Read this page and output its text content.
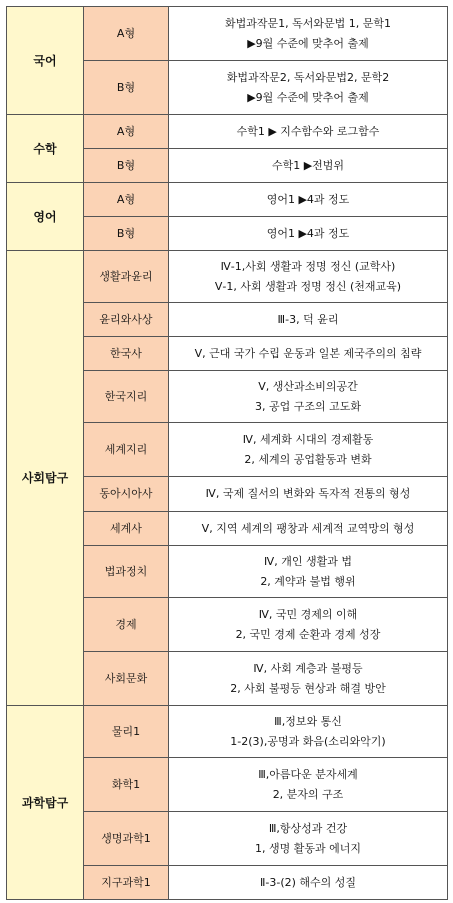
국어	A형	화법과작문1, 독서와문법 1, 문학1
▶9월 수준에 맞추어 출제

	B형	화법과작문2, 독서와문법2, 문학2
▶9월 수준에 맞추어 출제

수학	A형	수학1 ▶ 지수함수와 로그함수

	B형	수학1 ▶전범위

영어	A형	영어1 ▶4과 정도

	B형	영어1 ▶4과 정도

사회탐구	생활과윤리	Ⅳ-1,사회 생활과 정명 정신 (교학사)
Ⅴ-1, 사회 생활과 정명 정신 (천재교육)

	윤리와사상	Ⅲ-3, 덕 윤리

	한국사	Ⅴ, 근대 국가 수립 운동과 일본 제국주의의 침략

	한국지리	Ⅴ, 생산과소비의공간
3, 공업 구조의 고도화

	세계지리	Ⅳ, 세계화 시대의 경제활동
2, 세계의 공업활동과 변화

	동아시아사	Ⅳ, 국제 질서의 변화와 독자적 전통의 형성

	세계사	Ⅴ, 지역 세계의 팽창과 세계적 교역망의 형성

	법과정치	Ⅳ, 개인 생활과 법
2, 계약과 불법 행위

	경제	Ⅳ, 국민 경제의 이해
2, 국민 경제 순환과 경제 성장

	사회문화	Ⅳ, 사회 계층과 불평등
2, 사회 불평등 현상과 해결 방안

과학탐구	물리1	Ⅲ,정보와 통신
1-2(3),공명과 화음(소리와악기)

	화학1	Ⅲ,아름다운 분자세계
2, 분자의 구조

	생명과학1	Ⅲ,항상성과 건강
1, 생명 활동과 에너지

	지구과학1	Ⅱ-3-(2) 해수의 성질
